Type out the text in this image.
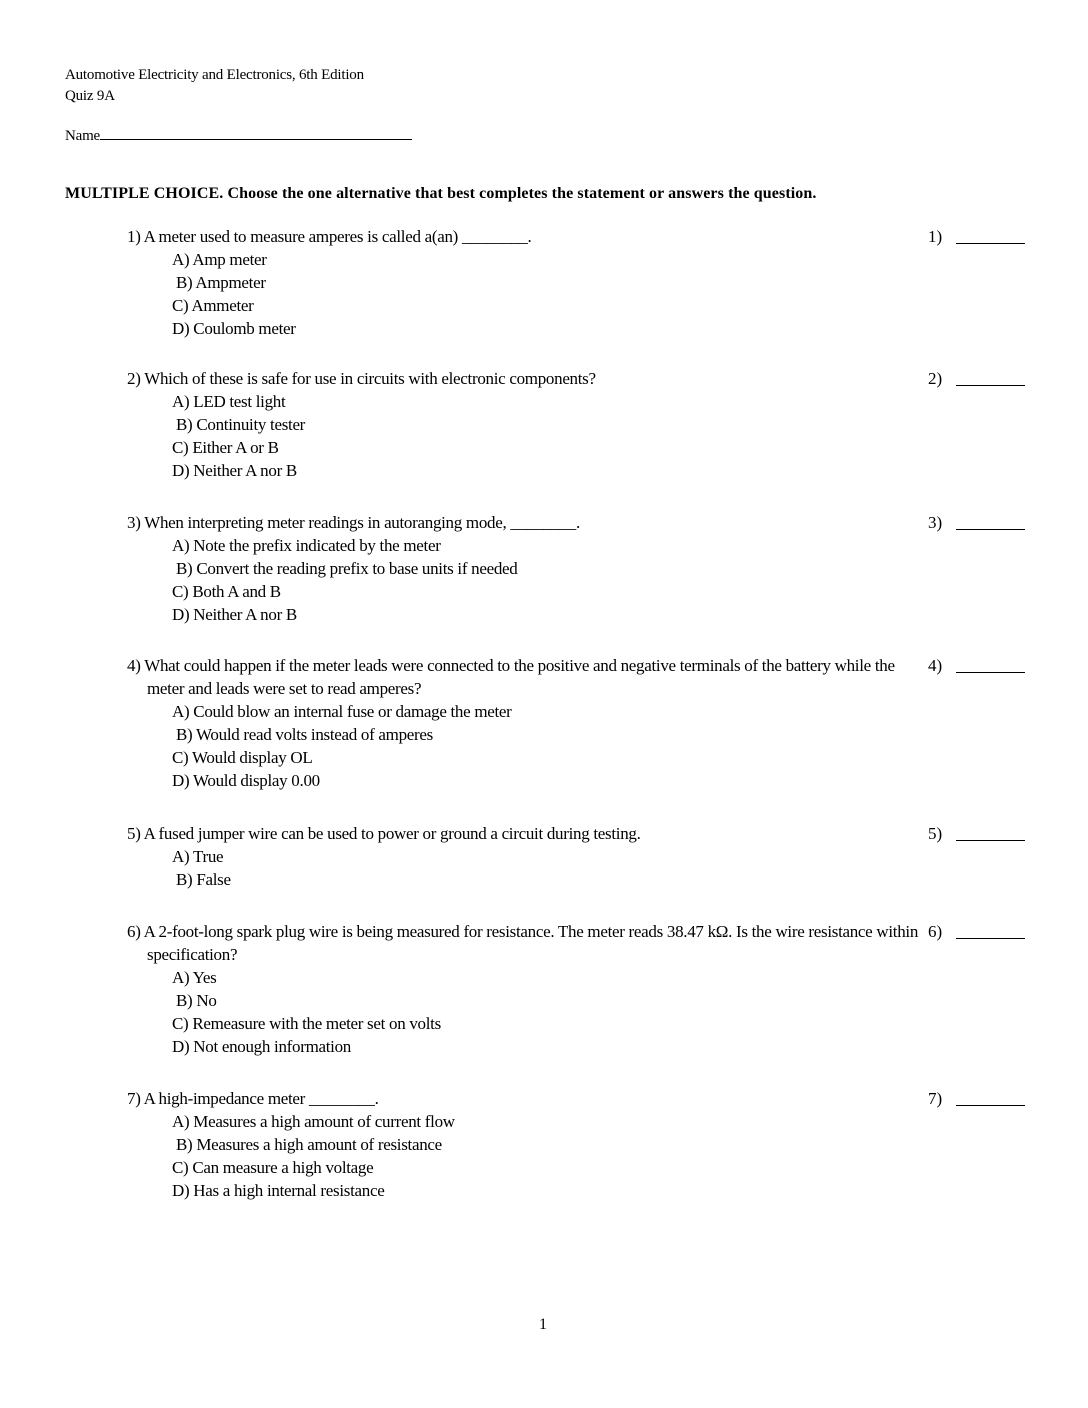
Automotive Electricity and Electronics, 6th Edition
Quiz 9A
Name
MULTIPLE CHOICE. Choose the one alternative that best completes the statement or answers the question.
1) A meter used to measure amperes is called a(an) ________.
A) Amp meter
B) Ampmeter
C) Ammeter
D) Coulomb meter
1)
2) Which of these is safe for use in circuits with electronic components?
A) LED test light
B) Continuity tester
C) Either A or B
D) Neither A nor B
2)
3) When interpreting meter readings in autoranging mode, ________.
A) Note the prefix indicated by the meter
B) Convert the reading prefix to base units if needed
C) Both A and B
D) Neither A nor B
3)
4) What could happen if the meter leads were connected to the positive and negative terminals of the battery while the meter and leads were set to read amperes?
A) Could blow an internal fuse or damage the meter
B) Would read volts instead of amperes
C) Would display OL
D) Would display 0.00
4)
5) A fused jumper wire can be used to power or ground a circuit during testing.
A) True
B) False
5)
6) A 2-foot-long spark plug wire is being measured for resistance. The meter reads 38.47 kΩ. Is the wire resistance within specification?
A) Yes
B) No
C) Remeasure with the meter set on volts
D) Not enough information
6)
7) A high-impedance meter ________.
A) Measures a high amount of current flow
B) Measures a high amount of resistance
C) Can measure a high voltage
D) Has a high internal resistance
7)
1
